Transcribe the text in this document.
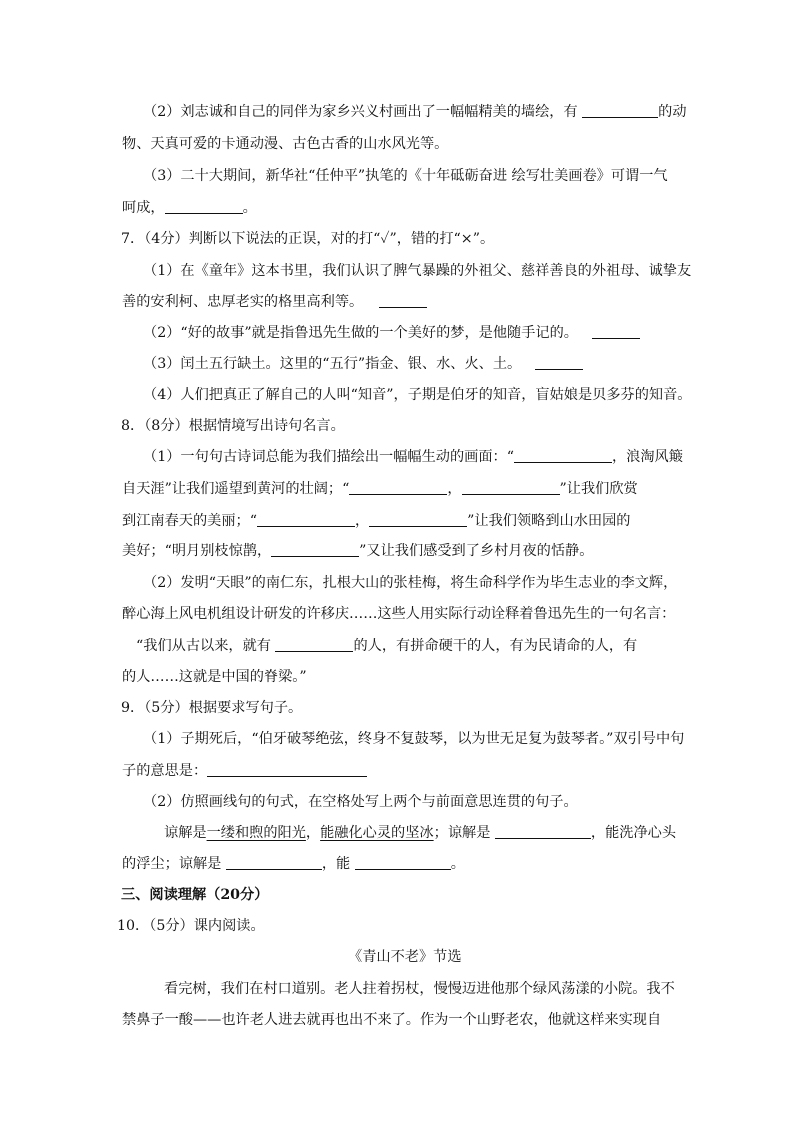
（2）刘志诚和自己的同伴为家乡兴义村画出了一幅幅精美的墙绘，有	的动
物、天真可爱的卡通动漫、古色古香的山水风光等。
（3）二十大期间，新华社“任仲平”执笔的《十年砥砺奋进 绘写壮美画卷》可谓一气
呵成，	。
7．（4分）判断以下说法的正误，对的打“✓”，错的打“×”。
（1）在《童年》这本书里，我们认识了脾气暴躁的外祖父、慈祥善良的外祖母、诚挚友
善的安利柯、忠厚老实的格里高利等。
（2）“好的故事”就是指鲁迅先生做的一个美好的梦，是他随手记的。
（3）闰土五行缺土。这里的“五行”指金、银、水、火、土。
（4）人们把真正了解自己的人叫“知音”，子期是伯牙的知音，盲姑娘是贝多芬的知音。
8．（8分）根据情境写出诗句名言。
（1）一句句古诗词总能为我们描绘出一幅幅生动的画面：“	，浪淘风簸
自天涯”让我们遥望到黄河的壮阔；“	，	”让我们欣赏
到江南春天的美丽；“	，	”让我们领略到山水田园的
美好；“明月别枝惊鹊，	”又让我们感受到了乡村月夜的恬静。
（2）发明“天眼”的南仁东，扎根大山的张桂梅，将生命科学作为毕生志业的李文辉，
醉心海上风电机组设计研发的许移庆……这些人用实际行动诠释着鲁迅先生的一句名言：
“我们从古以来，就有	的人，有拼命硬干的人，有为民请命的人，有
的人……这就是中国的脊梁。”
9．（5分）根据要求写句子。
（1）子期死后，“伯牙破琴绝弦，终身不复鼓琴，以为世无足复为鼓琴者。”双引号中句
子的意思是：
（2）仿照画线句的句式，在空格处写上两个与前面意思连贯的句子。
谅解是一缕和煦的阳光，能融化心灵的坚冰；谅解是	，能洗净心头
的浮尘；谅解是	，能	。
三、阅读理解（20分）
10．（5分）课内阅读。
《青山不老》节选
看完树，我们在村口道别。老人拄着拐杖，慢慢迈进他那个绿风荡漾的小院。我不
禁鼻子一酸——也许老人进去就再也出不来了。作为一个山野老农，他就这样来实现自
